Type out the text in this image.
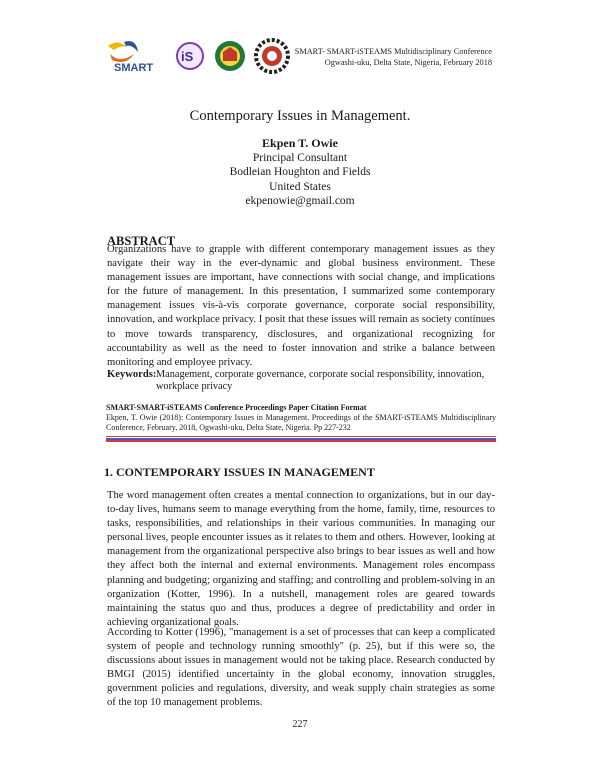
SMART
iS	SMART- SMART-iSTEAMS Multidisciplinary Conference
Ogwashi-uku, Delta State, Nigeria, February 2018
Contemporary Issues in Management.
Ekpen T. Owie
Principal Consultant
Bodleian Houghton and Fields
United States
ekpenowie@gmail.com
ABSTRACT
Organizations have to grapple with different contemporary management issues as they navigate their way in the ever-dynamic and global business environment. These management issues are important, have connections with social change, and implications for the future of management. In this presentation, I summarized some contemporary management issues vis-à-vis corporate governance, corporate social responsibility, innovation, and workplace privacy. I posit that these issues will remain as society continues to move towards transparency, disclosures, and organizational recognizing for accountability as well as the need to foster innovation and strike a balance between monitoring and employee privacy.
Keywords: Management, corporate governance, corporate social responsibility, innovation, workplace privacy
SMART-SMART-iSTEAMS Conference Proceedings Paper Citation Format
Ekpen, T. Owie (2018): Contemporary Issues in Management. Proceedings of the SMART-iSTEAMS Multidisciplinary Conference, February, 2018, Ogwashi-uku, Delta State, Nigeria. Pp 227-232
1. CONTEMPORARY ISSUES IN MANAGEMENT
The word management often creates a mental connection to organizations, but in our day-to-day lives, humans seem to manage everything from the home, family, time, resources to tasks, responsibilities, and relationships in their various communities. In managing our personal lives, people encounter issues as it relates to them and others. However, looking at management from the organizational perspective also brings to bear issues as well and how they affect both the internal and external environments. Management roles encompass planning and budgeting; organizing and staffing; and controlling and problem-solving in an organization (Kotter, 1996). In a nutshell, management roles are geared towards maintaining the status quo and thus, produces a degree of predictability and order in achieving organizational goals.
According to Kotter (1996), "management is a set of processes that can keep a complicated system of people and technology running smoothly" (p. 25), but if this were so, the discussions about issues in management would not be taking place. Research conducted by BMGI (2015) identified uncertainty in the global economy, innovation struggles, government policies and regulations, diversity, and weak supply chain strategies as some of the top 10 management problems.
227
